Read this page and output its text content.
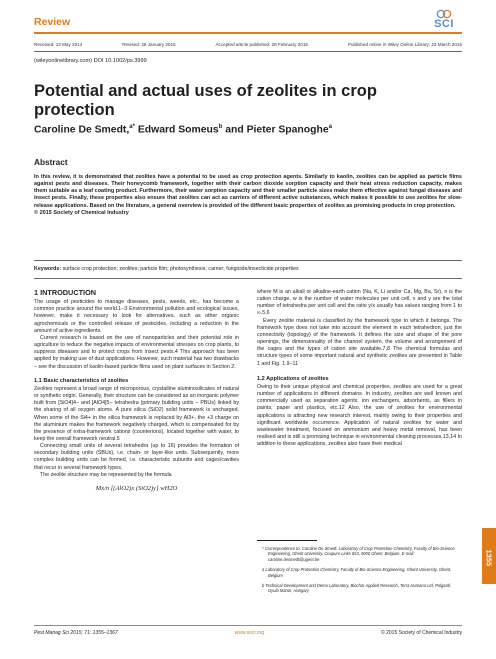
Review	SCI
Received: 13 May 2014	Revised: 28 January 2015	Accepted article published: 26 February 2015	Published online in Wiley Online Library: 23 March 2015
(wileyonlinelibrary.com) DOI 10.1002/ps.3999
Potential and actual uses of zeolites in crop protection
Caroline De Smedt,$^{a*}$ Edward Someus$^b$ and Pieter Spanoghe$^a$
Abstract
In this review, it is demonstrated that zeolites have a potential to be used as crop protection agents. Similarly to kaolin, zeolites can be applied as particle films against pests and diseases. Their honeycomb framework, together with their carbon dioxide sorption capacity and their heat stress reduction capacity, makes them suitable as a leaf coating product. Furthermore, their water sorption capacity and their smaller particle sizes make them effective against fungal diseases and insect pests. Finally, these properties also ensure that zeolites can act as carriers of different active substances, which makes it possible to use zeolites for slow-release applications. Based on the literature, a general overview is provided of the different basic properties of zeolites as promising products in crop protection.
© 2015 Society of Chemical Industry
Keywords: surface crop protection; zeolites; particle film; photosynthesis; carrier; fungicide/insecticide properties
1 INTRODUCTION

The usage of pesticides to manage diseases, pests, weeds, etc., has become a common practice around the world.1−3 Environmental pollution and ecological issues, however, make it necessary to look for alternatives, such as other organic agrochemicals or the controlled release of pesticides, including a reduction in the amount of active ingredients.

Current research is based on the use of nanoparticles and their potential role in agriculture to reduce the negative impacts of environmental stresses on crop plants, to suppress diseases and to protect crops from insect pests.4 This approach has been applied by making use of dust applications. However, such material has two drawbacks – see the discussion of kaolin-based particle films used on plant surfaces in Section 2.

1.1 Basic characteristics of zeolites

Zeolites represent a broad range of microporous, crystalline aluminosilicates of natural or synthetic origin. Generally, their structure can be considered as an inorganic polymer built from [SiO4]4− and [AlO4]5− tetrahedra (primary building units – PBUs) linked by the sharing of all oxygen atoms. A pure silica (SiO2) solid framework is uncharged. When some of the Si4+ in the silica framework is replaced by Al3+, the +3 charge on the aluminium makes the framework negatively charged, which is compensated for by the presence of extra-framework cations (counterions), located together with water, to keep the overall framework neutral.5

Connecting small units of several tetrahedra (up to 16) provides the formation of secondary building units (SBUs), i.e. chain- or layer-like units. Subsequently, more complex building units can be formed, i.e. characteristic subunits and cages/cavities that recur in several framework types.

The zeolite structure may be represented by the formula

Mx/n [(AlO2)x (SiO2)y] wH2O

where M is an alkali or alkaline-earth cation (Na, K, Li and/or Ca, Mg, Ba, Sr), n is the cation charge, w is the number of water molecules per unit cell, x and y are the total number of tetrahedra per unit cell and the ratio y/x usually has values ranging from 1 to ∞.5,6

Every zeolite material is classified by the framework type to which it belongs. The framework type does not take into account the element in each tetrahedron, just the connectivity (topology) of the framework. It defines the size and shape of the pore openings, the dimensionality of the channel system, the volume and arrangement of the cages and the types of cation site available.7,8 The chemical formulas and structure types of some important natural and synthetic zeolites are presented in Table 1 and Fig. 1.9−11

1.2 Applications of zeolites

Owing to their unique physical and chemical properties, zeolites are used for a great number of applications in different domains. In industry, zeolites are well known and commercially used as separation agents, ion exchangers, adsorbents, as fillers in paints, paper and plastics, etc.12 Also, the use of zeolites for environmental applications is attracting new research interest, mainly owing to their properties and significant worldwide occurrence. Application of natural zeolites for water and wastewater treatment, focused on ammonium and heavy metal removal, has been realised and is still a promising technique in environmental cleaning processes.13,14 In addition to these applications, zeolites also have their medical

* Correspondence to: Caroline De Smedt, Laboratory of Crop Protection Chemistry, Faculty of Bio-Science Engineering, Ghent University, Coupure Links 653, 9000 Ghent, Belgium. E-mail: caroline.desmedt@ugent.be
a Laboratory of Crop Protection Chemistry, Faculty of Bio-Science Engineering, Ghent University, Ghent, Belgium
b Technical Development and Demo Laboratory, Biochar Applied Research, Terra Humana Ltd, Polgardi, Gyula Manor, Hungary
1355
Pest Manag Sci 2015; 71: 1355–1367	www.soci.org	© 2015 Society of Chemical Industry
